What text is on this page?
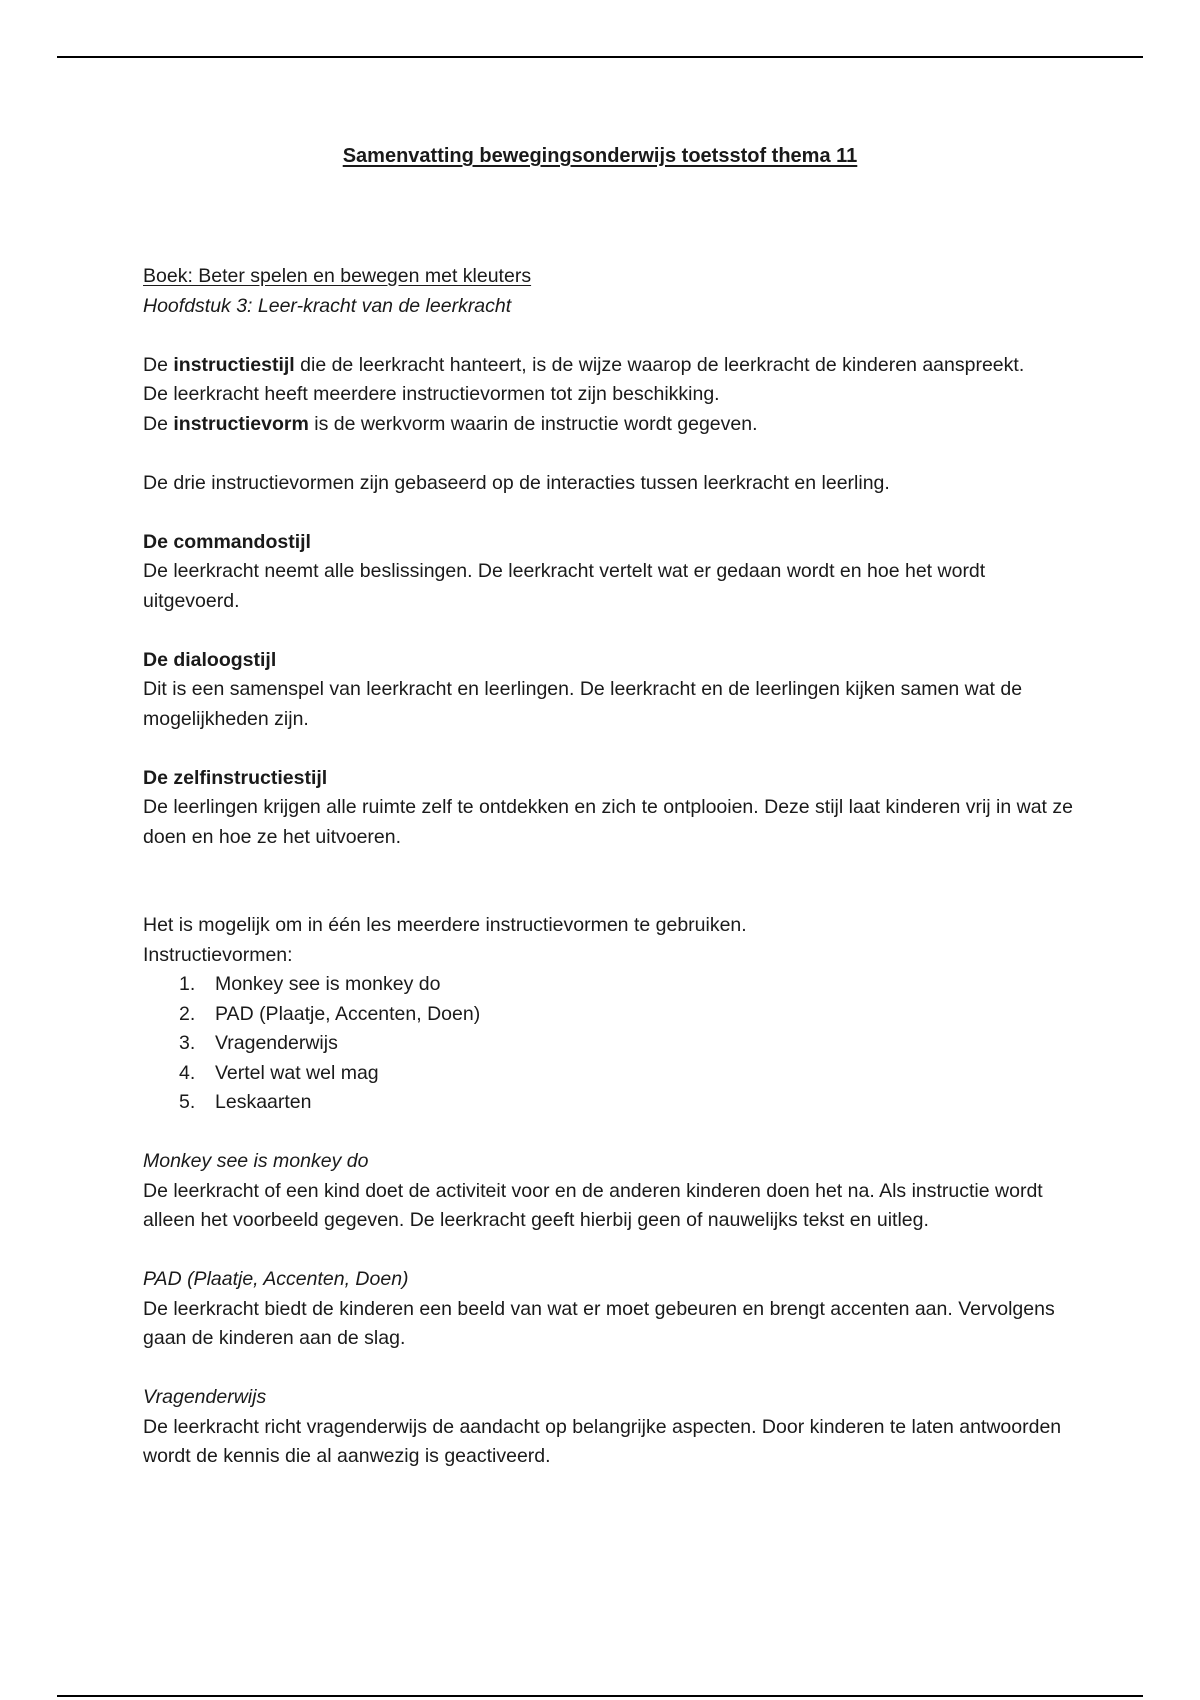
Samenvatting bewegingsonderwijs toetsstof thema 11

Boek: Beter spelen en bewegen met kleuters

Hoofdstuk 3: Leer-kracht van de leerkracht

De instructiestijl die de leerkracht hanteert, is de wijze waarop de leerkracht de kinderen aanspreekt.

De leerkracht heeft meerdere instructievormen tot zijn beschikking.

De instructievorm is de werkvorm waarin de instructie wordt gegeven.

De drie instructievormen zijn gebaseerd op de interacties tussen leerkracht en leerling.

De commandostijl

De leerkracht neemt alle beslissingen. De leerkracht vertelt wat er gedaan wordt en hoe het wordt uitgevoerd.

De dialoogstijl

Dit is een samenspel van leerkracht en leerlingen. De leerkracht en de leerlingen kijken samen wat de mogelijkheden zijn.

De zelfinstructiestijl

De leerlingen krijgen alle ruimte zelf te ontdekken en zich te ontplooien. Deze stijl laat kinderen vrij in wat ze doen en hoe ze het uitvoeren.

Het is mogelijk om in één les meerdere instructievormen te gebruiken.

Instructievormen:

1. Monkey see is monkey do
2. PAD (Plaatje, Accenten, Doen)
3. Vragenderwijs
4. Vertel wat wel mag
5. Leskaarten

Monkey see is monkey do

De leerkracht of een kind doet de activiteit voor en de anderen kinderen doen het na. Als instructie wordt alleen het voorbeeld gegeven. De leerkracht geeft hierbij geen of nauwelijks tekst en uitleg.

PAD (Plaatje, Accenten, Doen)

De leerkracht biedt de kinderen een beeld van wat er moet gebeuren en brengt accenten aan. Vervolgens gaan de kinderen aan de slag.

Vragenderwijs

De leerkracht richt vragenderwijs de aandacht op belangrijke aspecten. Door kinderen te laten antwoorden wordt de kennis die al aanwezig is geactiveerd.
